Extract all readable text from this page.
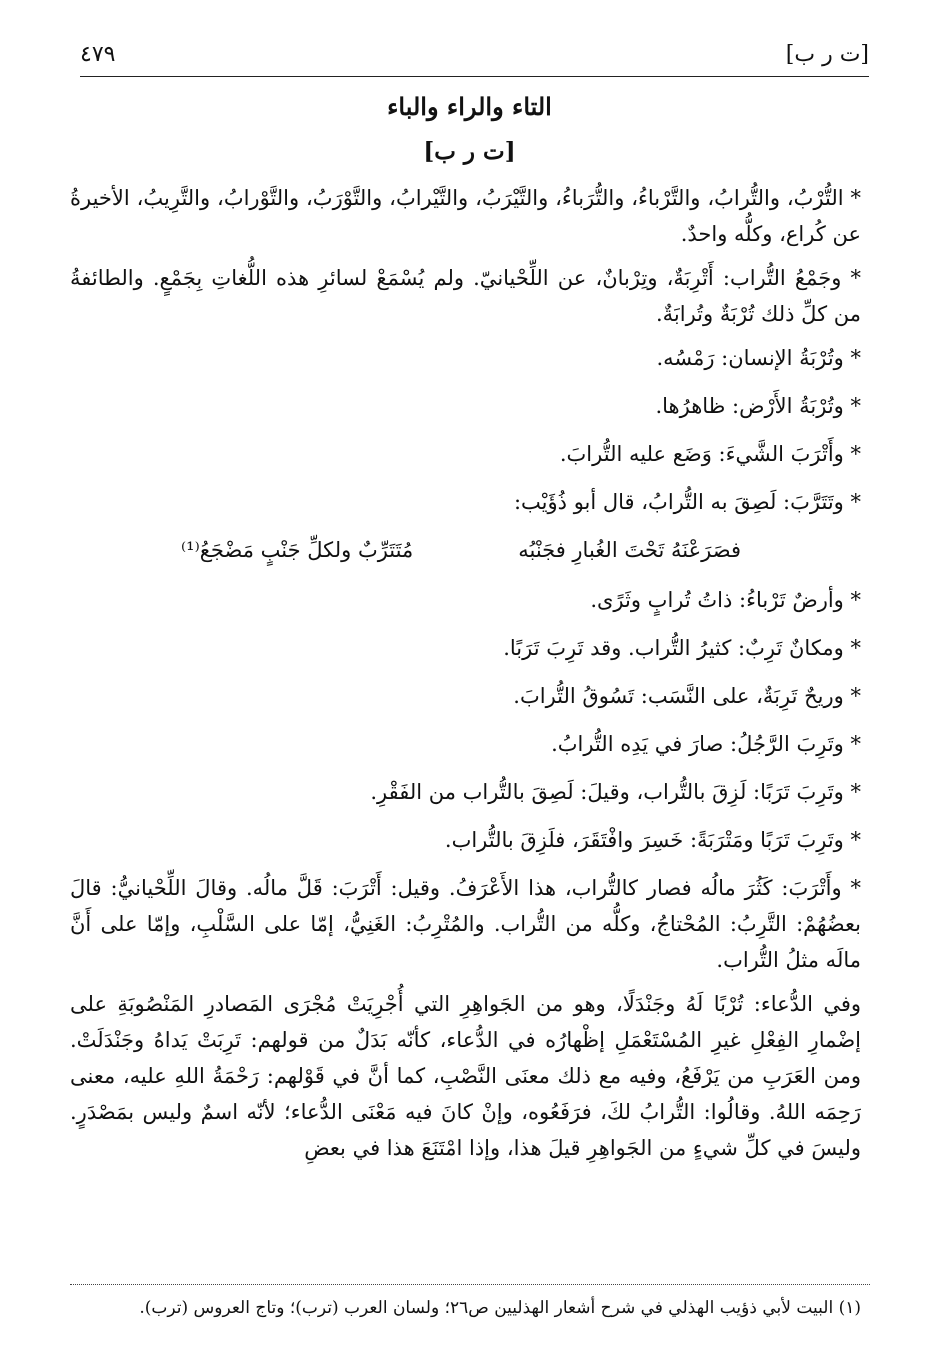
[ت ر ب]
٤٧٩
التاء والراء والباء
[ت ر ب]

* التُّرْبُ، والتُّرابُ، والتَّرْباءُ، والتُّرَباءُ، والتَّيْرَبُ، والتَّيْرابُ، والتَّوْرَبُ، والتَّوْرابُ، والتَّرِيبُ، الأخيرةُ عن كُراع، وكلُّه واحدٌ.

* وجَمْعُ التُّراب: أَتْرِبَةٌ، وتِرْبانٌ، عن اللِّحْيانيّ. ولم يُسْمَعْ لسائرِ هذه اللُّغاتِ بِجَمْعٍ. والطائفةُ من كلِّ ذلك تُرْبَةٌ وتُرابَةٌ.

* وتُرْبَةُ الإنسان: رَمْسُه.

* وتُرْبَةُ الأَرْض: ظاهرُها.

* وأَتْرَبَ الشَّيءَ: وَضَع عليه التُّرابَ.

* وتَتَرَّبَ: لَصِقَ به التُّرابُ، قال أبو ذُؤَيْب:

فصَرَعْنَهُ تَحْتَ الغُبارِ فجَنْبُه
مُتَتَرِّبٌ ولكلِّ جَنْبٍ مَضْجَعُ⁽¹⁾

* وأرضٌ تَرْباءُ: ذاتُ تُرابٍ وثَرًى.

* ومكانٌ تَرِبٌ: كثيرُ التُّراب. وقد تَرِبَ تَرَبًا.

* وريحٌ تَرِبَةٌ، على النَّسَب: تَسُوقُ التُّرابَ.

* وتَرِبَ الرَّجُلُ: صارَ في يَدِه التُّرابُ.

* وتَرِبَ تَرَبًا: لَزِقَ بالتُّراب، وقيلَ: لَصِقَ بالتُّراب من الفَقْرِ.

* وتَرِبَ تَرَبًا ومَتْرَبَةً: خَسِرَ وافْتَقَرَ، فلَزِقَ بالتُّراب.

* وأَتْرَبَ: كَثُرَ مالُه فصار كالتُّراب، هذا الأَعْرَفُ. وقيل: أَتْرَبَ: قَلَّ مالُه. وقالَ اللِّحْيانيُّ: قالَ بعضُهُمْ: التَّرِبُ: المُحْتاجُ، وكلُّه من التُّراب. والمُتْرِبُ: الغَنِيُّ، إمّا على السَّلْبِ، وإمّا على أَنَّ مالَه مثلُ التُّراب.

وفي الدُّعاء: تُرْبًا لَهُ وجَنْدَلًا، وهو من الجَواهِرِ التي أُجْرِيَتْ مُجْرَى المَصادرِ المَنْصُوبَةِ على إضْمارِ الفِعْلِ غيرِ المُسْتَعْمَلِ إظْهارُه في الدُّعاء، كأنّه بَدَلٌ من قولهم: تَرِبَتْ يَداهُ وجَنْدَلَتْ. ومن العَرَبِ من يَرْفَعُ، وفيه مع ذلك معنَى النَّصْبِ، كما أنَّ في قَوْلهم: رَحْمَةُ اللهِ عليه، معنى رَحِمَه اللهُ. وقالُوا: التُّرابُ لكَ، فرَفَعُوه، وإنْ كانَ فيه مَعْنَى الدُّعاء؛ لأنّه اسمٌ وليس بمَصْدَرٍ. وليسَ في كلِّ شيءٍ من الجَواهِرِ قيلَ هذا، وإذا امْتَنَعَ هذا في بعضِ

(١) البيت لأبي ذؤيب الهذلي في شرح أشعار الهذليين ص٢٦؛ ولسان العرب (ترب)؛ وتاج العروس (ترب).
